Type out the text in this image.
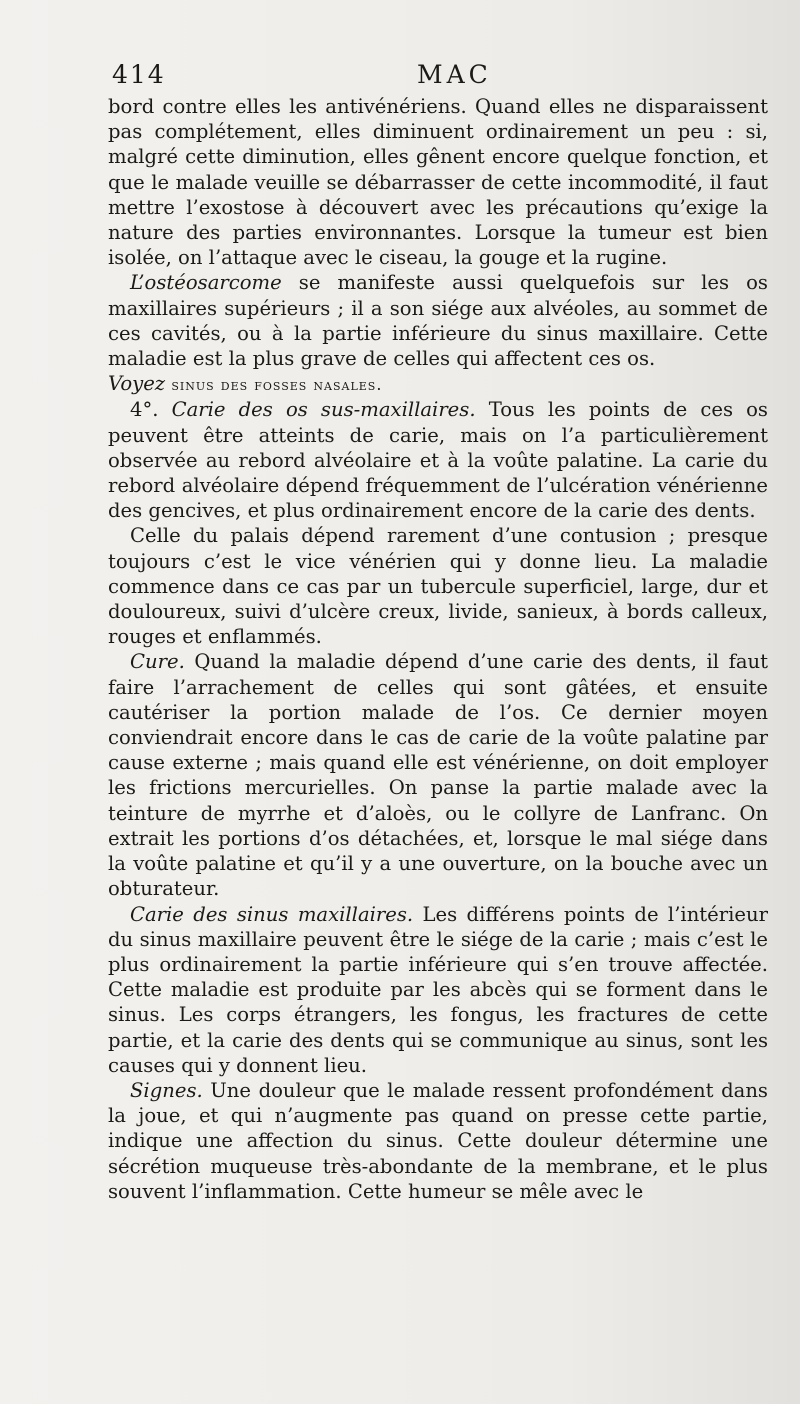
414	MAC

bord contre elles les antivénériens. Quand elles ne disparaissent pas complétement, elles diminuent ordinairement un peu : si, malgré cette diminution, elles gênent encore quelque fonction, et que le malade veuille se débarrasser de cette incommodité, il faut mettre l’exostose à découvert avec les précautions qu’exige la nature des parties environnantes. Lorsque la tumeur est bien isolée, on l’attaque avec le ciseau, la gouge et la rugine.

L’ostéosarcome se manifeste aussi quelquefois sur les os maxillaires supérieurs ; il a son siége aux alvéoles, au sommet de ces cavités, ou à la partie inférieure du sinus maxillaire. Cette maladie est la plus grave de celles qui affectent ces os.

Voyez sinus des fosses nasales.

4°. Carie des os sus-maxillaires. Tous les points de ces os peuvent être atteints de carie, mais on l’a particulièrement observée au rebord alvéolaire et à la voûte palatine. La carie du rebord alvéolaire dépend fréquemment de l’ulcération vénérienne des gencives, et plus ordinairement encore de la carie des dents.

Celle du palais dépend rarement d’une contusion ; presque toujours c’est le vice vénérien qui y donne lieu. La maladie commence dans ce cas par un tubercule superficiel, large, dur et douloureux, suivi d’ulcère creux, livide, sanieux, à bords calleux, rouges et enflammés.

Cure. Quand la maladie dépend d’une carie des dents, il faut faire l’arrachement de celles qui sont gâtées, et ensuite cautériser la portion malade de l’os. Ce dernier moyen conviendrait encore dans le cas de carie de la voûte palatine par cause externe ; mais quand elle est vénérienne, on doit employer les frictions mercurielles. On panse la partie malade avec la teinture de myrrhe et d’aloès, ou le collyre de Lanfranc. On extrait les portions d’os détachées, et, lorsque le mal siége dans la voûte palatine et qu’il y a une ouverture, on la bouche avec un obturateur.

Carie des sinus maxillaires. Les différens points de l’intérieur du sinus maxillaire peuvent être le siége de la carie ; mais c’est le plus ordinairement la partie inférieure qui s’en trouve affectée. Cette maladie est produite par les abcès qui se forment dans le sinus. Les corps étrangers, les fongus, les fractures de cette partie, et la carie des dents qui se communique au sinus, sont les causes qui y donnent lieu.

Signes. Une douleur que le malade ressent profondément dans la joue, et qui n’augmente pas quand on presse cette partie, indique une affection du sinus. Cette douleur détermine une sécrétion muqueuse très-abondante de la membrane, et le plus souvent l’inflammation. Cette humeur se mêle avec le
